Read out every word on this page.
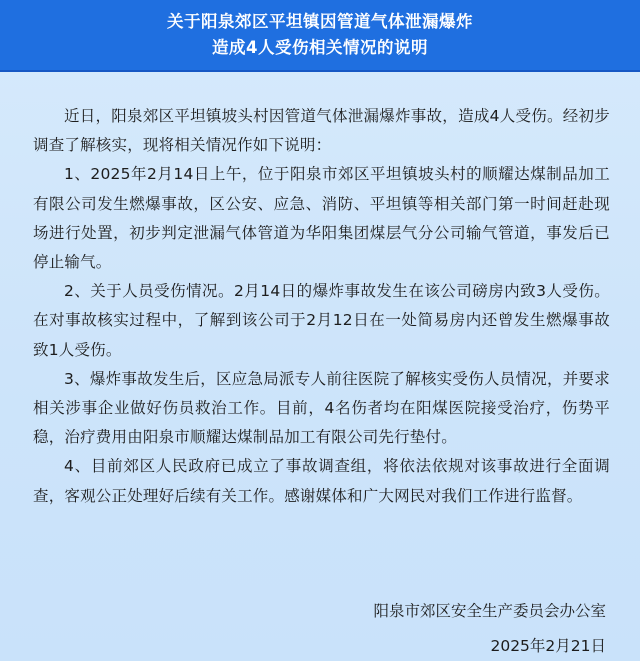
关于阳泉郊区平坦镇因管道气体泄漏爆炸
造成4人受伤相关情况的说明

近日，阳泉郊区平坦镇坡头村因管道气体泄漏爆炸事故，造成4人受伤。经初步调查了解核实，现将相关情况作如下说明：

1、2025年2月14日上午，位于阳泉市郊区平坦镇坡头村的顺耀达煤制品加工有限公司发生燃爆事故，区公安、应急、消防、平坦镇等相关部门第一时间赶赴现场进行处置，初步判定泄漏气体管道为华阳集团煤层气分公司输气管道，事发后已停止输气。

2、关于人员受伤情况。2月14日的爆炸事故发生在该公司磅房内致3人受伤。在对事故核实过程中，了解到该公司于2月12日在一处简易房内还曾发生燃爆事故致1人受伤。

3、爆炸事故发生后，区应急局派专人前往医院了解核实受伤人员情况，并要求相关涉事企业做好伤员救治工作。目前，4名伤者均在阳煤医院接受治疗，伤势平稳，治疗费用由阳泉市顺耀达煤制品加工有限公司先行垫付。

4、目前郊区人民政府已成立了事故调查组，将依法依规对该事故进行全面调查，客观公正处理好后续有关工作。感谢媒体和广大网民对我们工作进行监督。

阳泉市郊区安全生产委员会办公室
2025年2月21日
